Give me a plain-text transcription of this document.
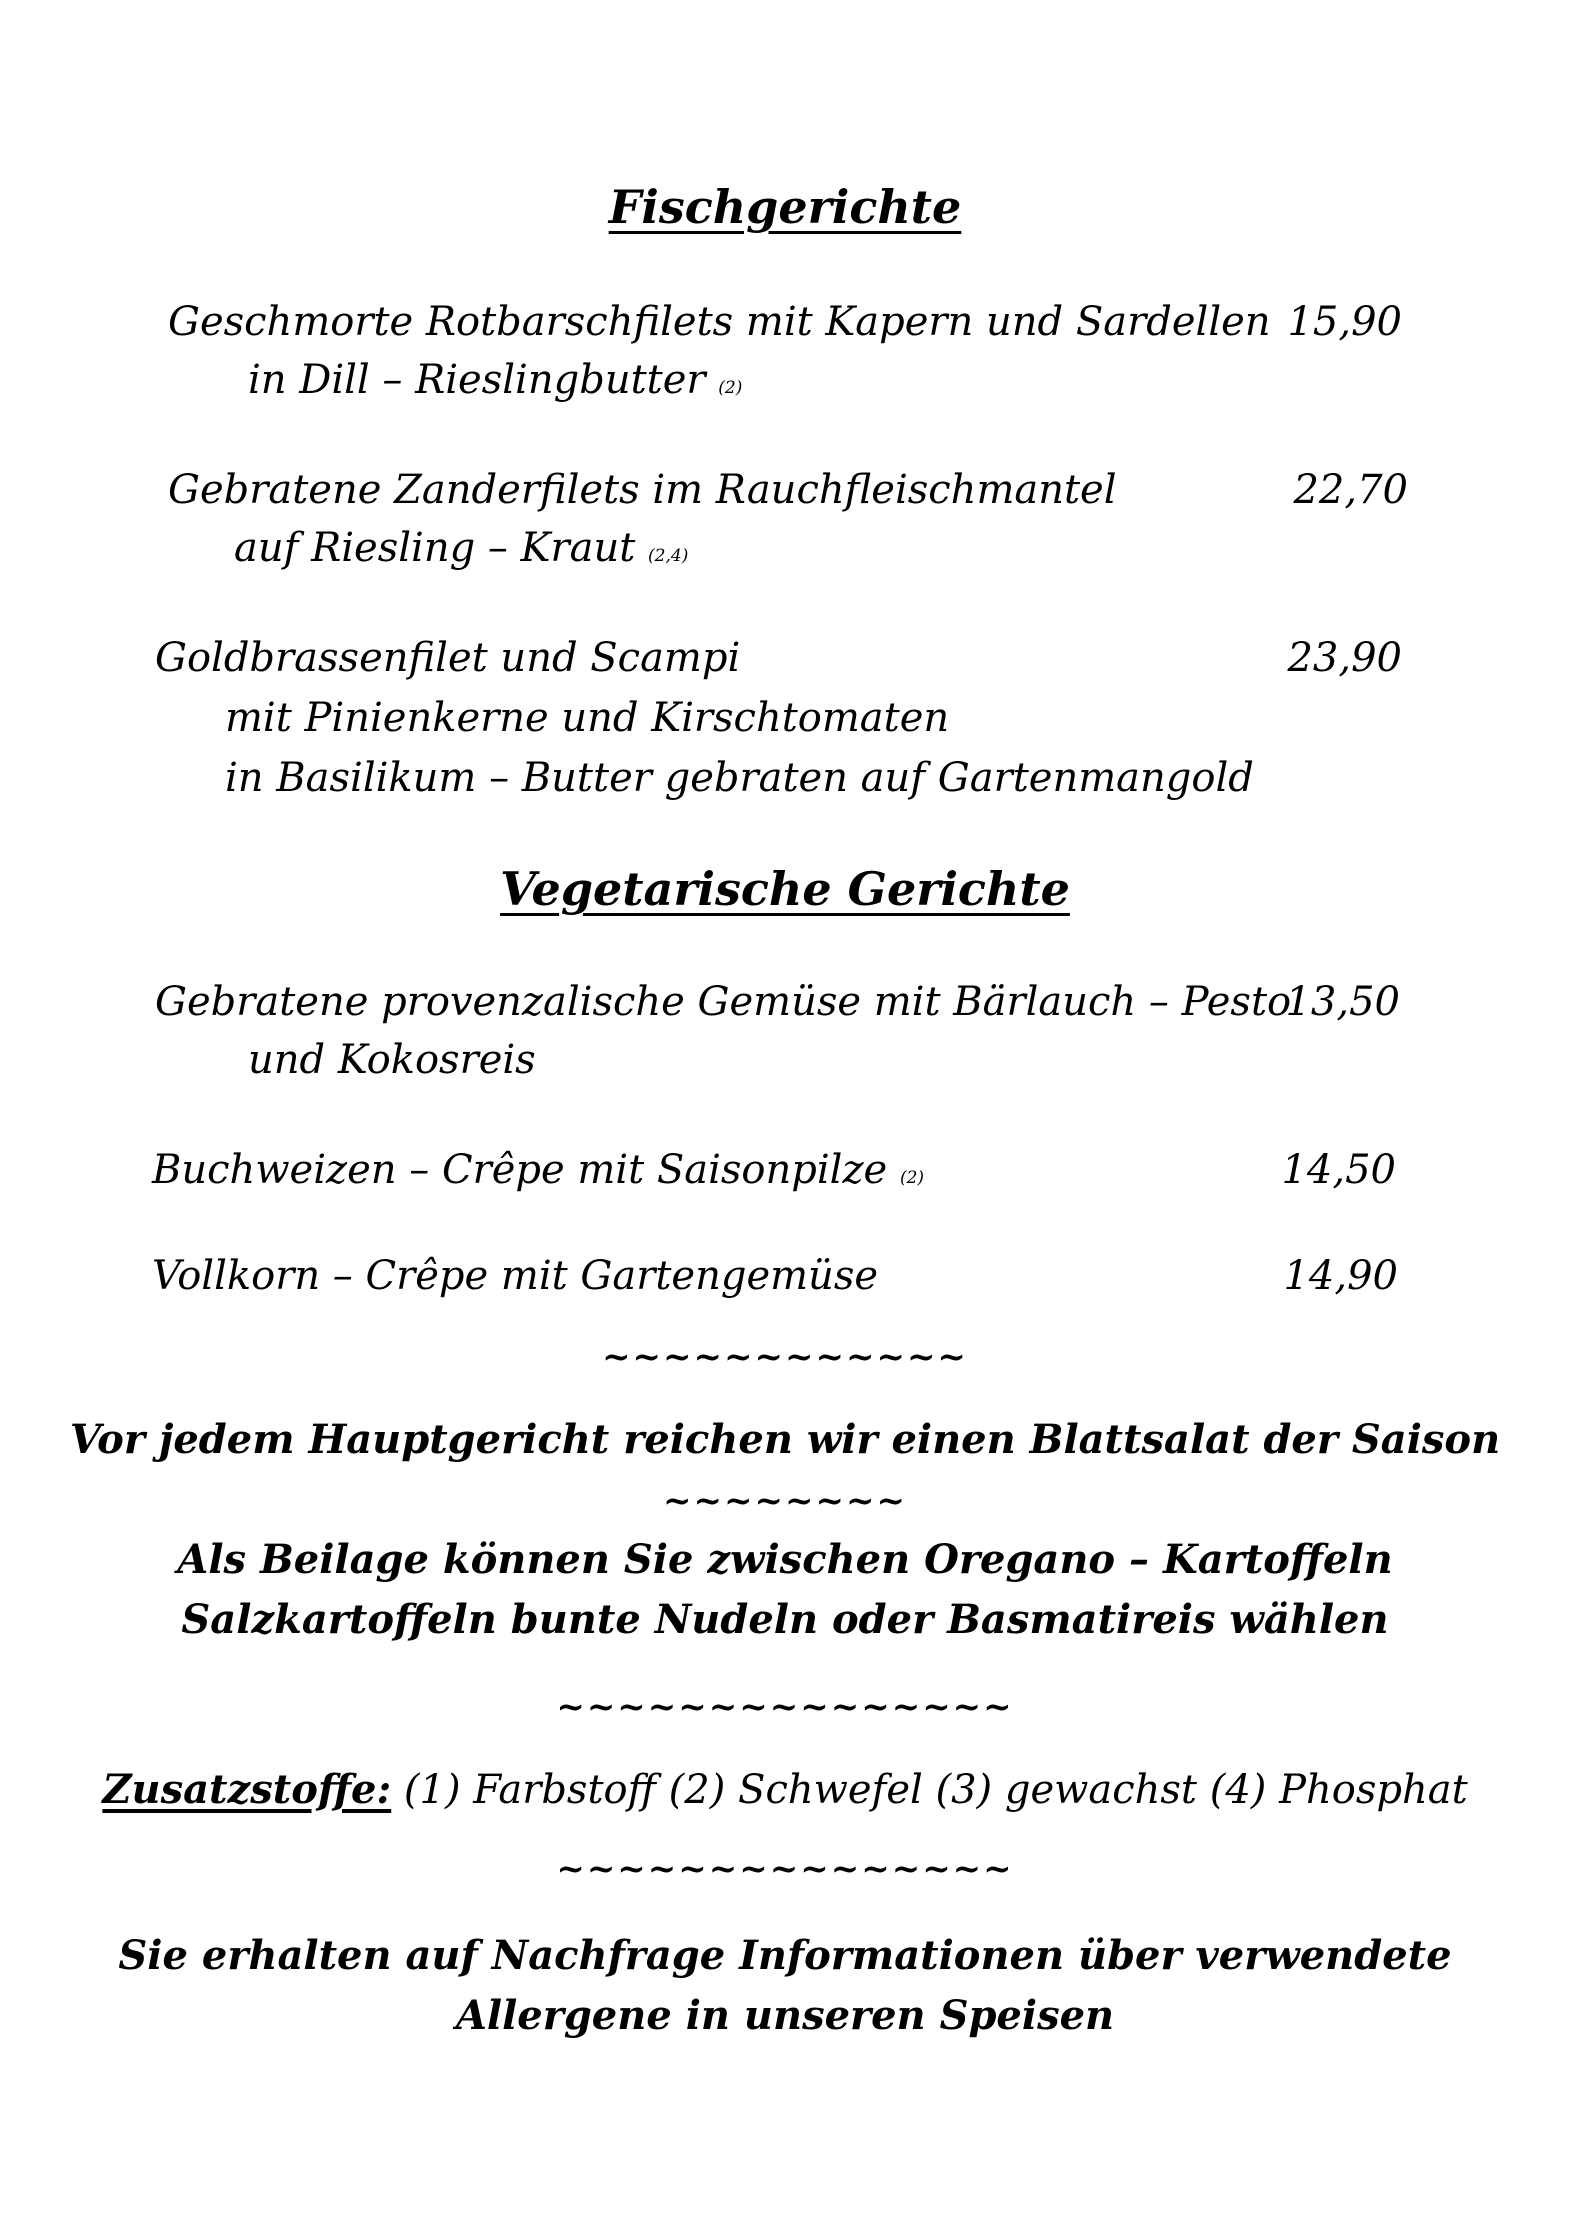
Fischgerichte
Geschmorte Rotbarschfilets mit Kapern und Sardellen
in Dill – Rieslingbutter (2)
15,90
Gebratene Zanderfilets im Rauchfleischmantel
auf Riesling – Kraut (2,4)
22,70
Goldbrassenfilet und Scampi
mit Pinienkerne und Kirschtomaten
in Basilikum – Butter gebraten auf Gartenmangold
23,90
Vegetarische Gerichte
Gebratene provenzalische Gemüse mit Bärlauch – Pesto
und Kokosreis
13,50
Buchweizen – Crêpe mit Saisonpilze (2)	14,50
Vollkorn – Crêpe mit Gartengemüse	14,90
~~~~~~~~~~~~
Vor jedem Hauptgericht reichen wir einen Blattsalat der Saison
~~~~~~~~
Als Beilage können Sie zwischen Oregano – Kartoffeln
Salzkartoffeln bunte Nudeln oder Basmatireis wählen
~~~~~~~~~~~~~~~
Zusatzstoffe: (1) Farbstoff (2) Schwefel (3) gewachst (4) Phosphat
~~~~~~~~~~~~~~~
Sie erhalten auf Nachfrage Informationen über verwendete
Allergene in unseren Speisen
